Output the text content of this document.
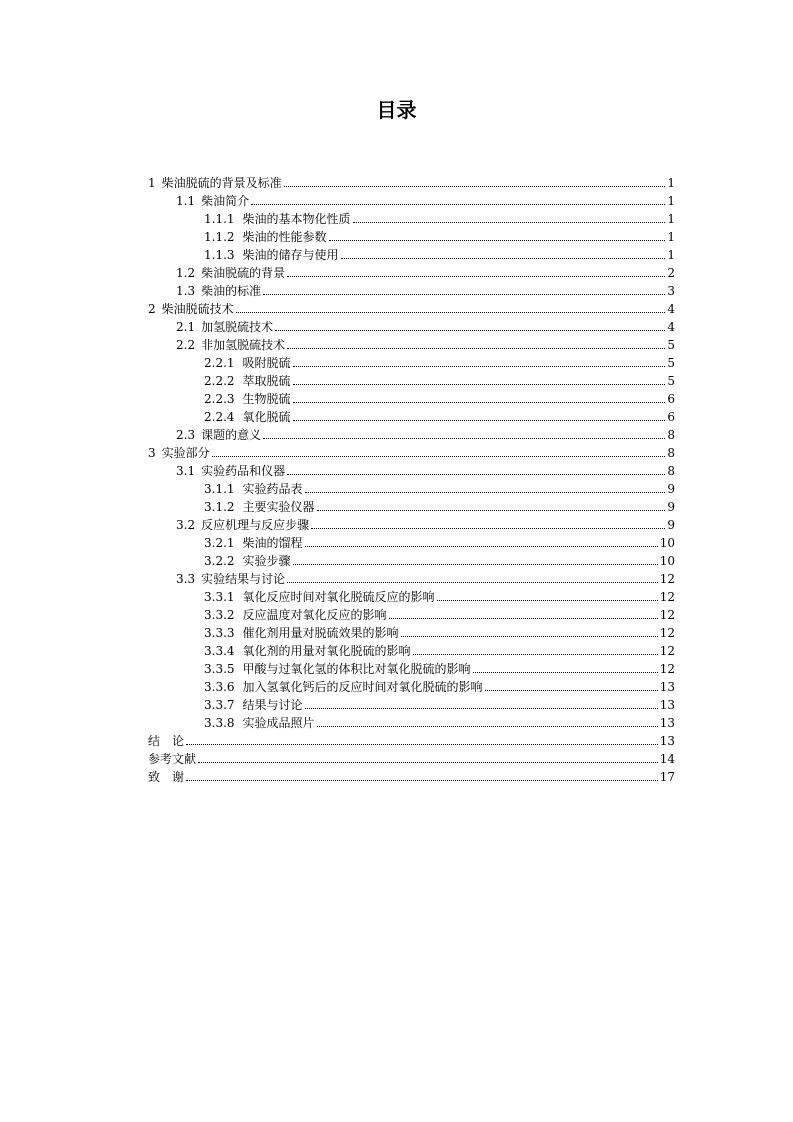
目录
1 柴油脱硫的背景及标准	1
1.1 柴油简介	1
1.1.1 柴油的基本物化性质	1
1.1.2 柴油的性能参数	1
1.1.3 柴油的储存与使用	1
1.2 柴油脱硫的背景	2
1.3 柴油的标准	3
2 柴油脱硫技术	4
2.1 加氢脱硫技术	4
2.2 非加氢脱硫技术	5
2.2.1 吸附脱硫	5
2.2.2 萃取脱硫	5
2.2.3 生物脱硫	6
2.2.4 氧化脱硫	6
2.3 课题的意义	8
3 实验部分	8
3.1 实验药品和仪器	8
3.1.1 实验药品表	9
3.1.2 主要实验仪器	9
3.2 反应机理与反应步骤	9
3.2.1 柴油的馏程	10
3.2.2 实验步骤	10
3.3 实验结果与讨论	12
3.3.1 氧化反应时间对氧化脱硫反应的影响	12
3.3.2 反应温度对氧化反应的影响	12
3.3.3 催化剂用量对脱硫效果的影响	12
3.3.4 氧化剂的用量对氧化脱硫的影响	12
3.3.5 甲酸与过氧化氢的体积比对氧化脱硫的影响	12
3.3.6 加入氢氧化钙后的反应时间对氧化脱硫的影响	13
3.3.7 结果与讨论	13
3.3.8 实验成品照片	13
结　论	13
参考文献	14
致　谢	17
